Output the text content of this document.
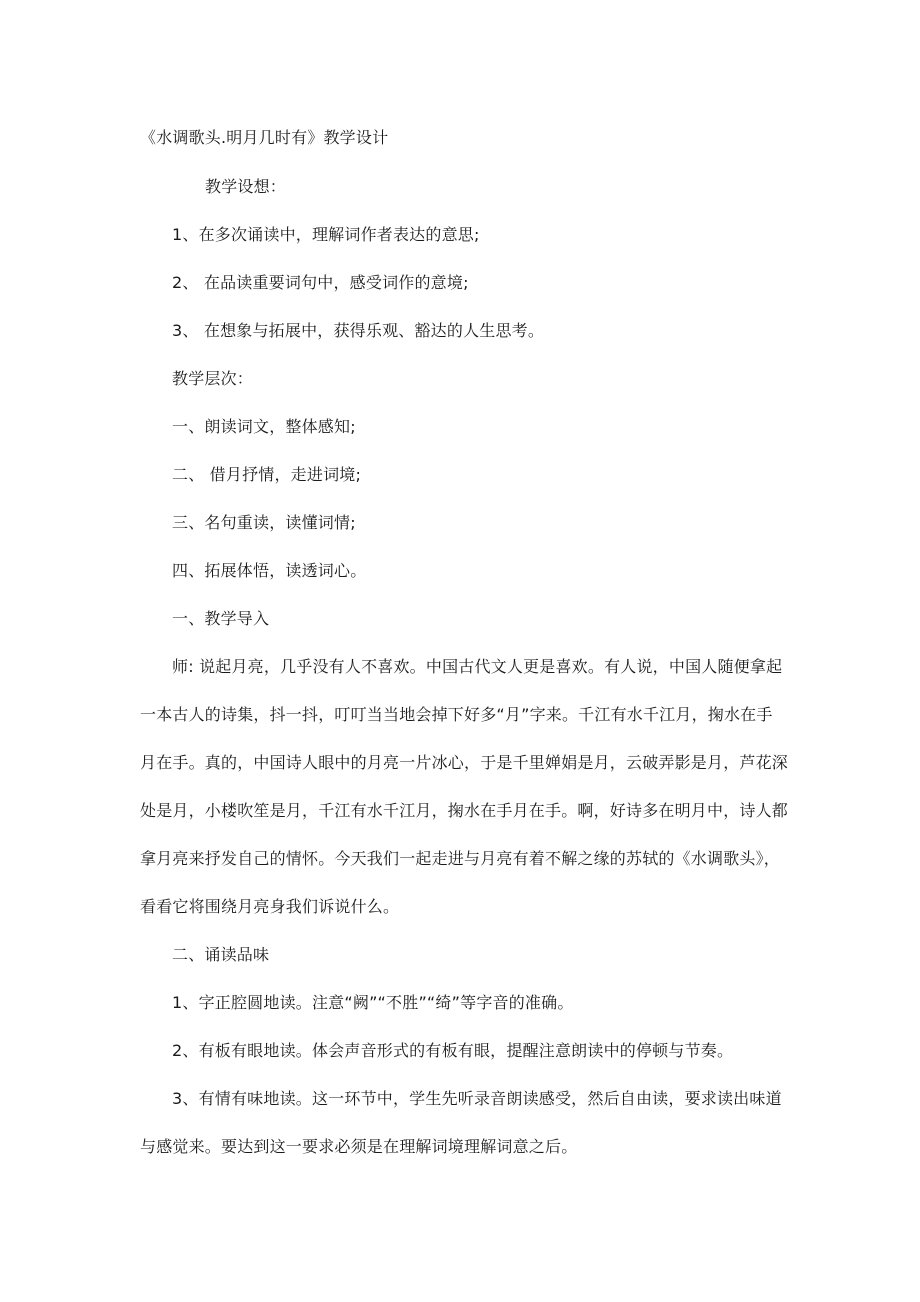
《水调歌头.明月几时有》教学设计
教学设想：
1、在多次诵读中，理解词作者表达的意思;
2、 在品读重要词句中，感受词作的意境;
3、 在想象与拓展中，获得乐观、豁达的人生思考。
教学层次：
一、朗读词文，整体感知;
二、 借月抒情，走进词境;
三、名句重读，读懂词情;
四、拓展体悟，读透词心。
一、教学导入
师: 说起月亮，几乎没有人不喜欢。中国古代文人更是喜欢。有人说，中国人随便拿起
一本古人的诗集，抖一抖，叮叮当当地会掉下好多“月”字来。千江有水千江月，掬水在手
月在手。真的，中国诗人眼中的月亮一片冰心，于是千里婵娟是月，云破弄影是月，芦花深
处是月，小楼吹笙是月，千江有水千江月，掬水在手月在手。啊，好诗多在明月中，诗人都
拿月亮来抒发自己的情怀。今天我们一起走进与月亮有着不解之缘的苏轼的《水调歌头》，
看看它将围绕月亮身我们诉说什么。
二、诵读品味
1、字正腔圆地读。注意“阙”“不胜”“绮”等字音的准确。
2、有板有眼地读。体会声音形式的有板有眼，提醒注意朗读中的停顿与节奏。
3、有情有味地读。这一环节中，学生先听录音朗读感受，然后自由读，要求读出味道
与感觉来。要达到这一要求必须是在理解词境理解词意之后。
